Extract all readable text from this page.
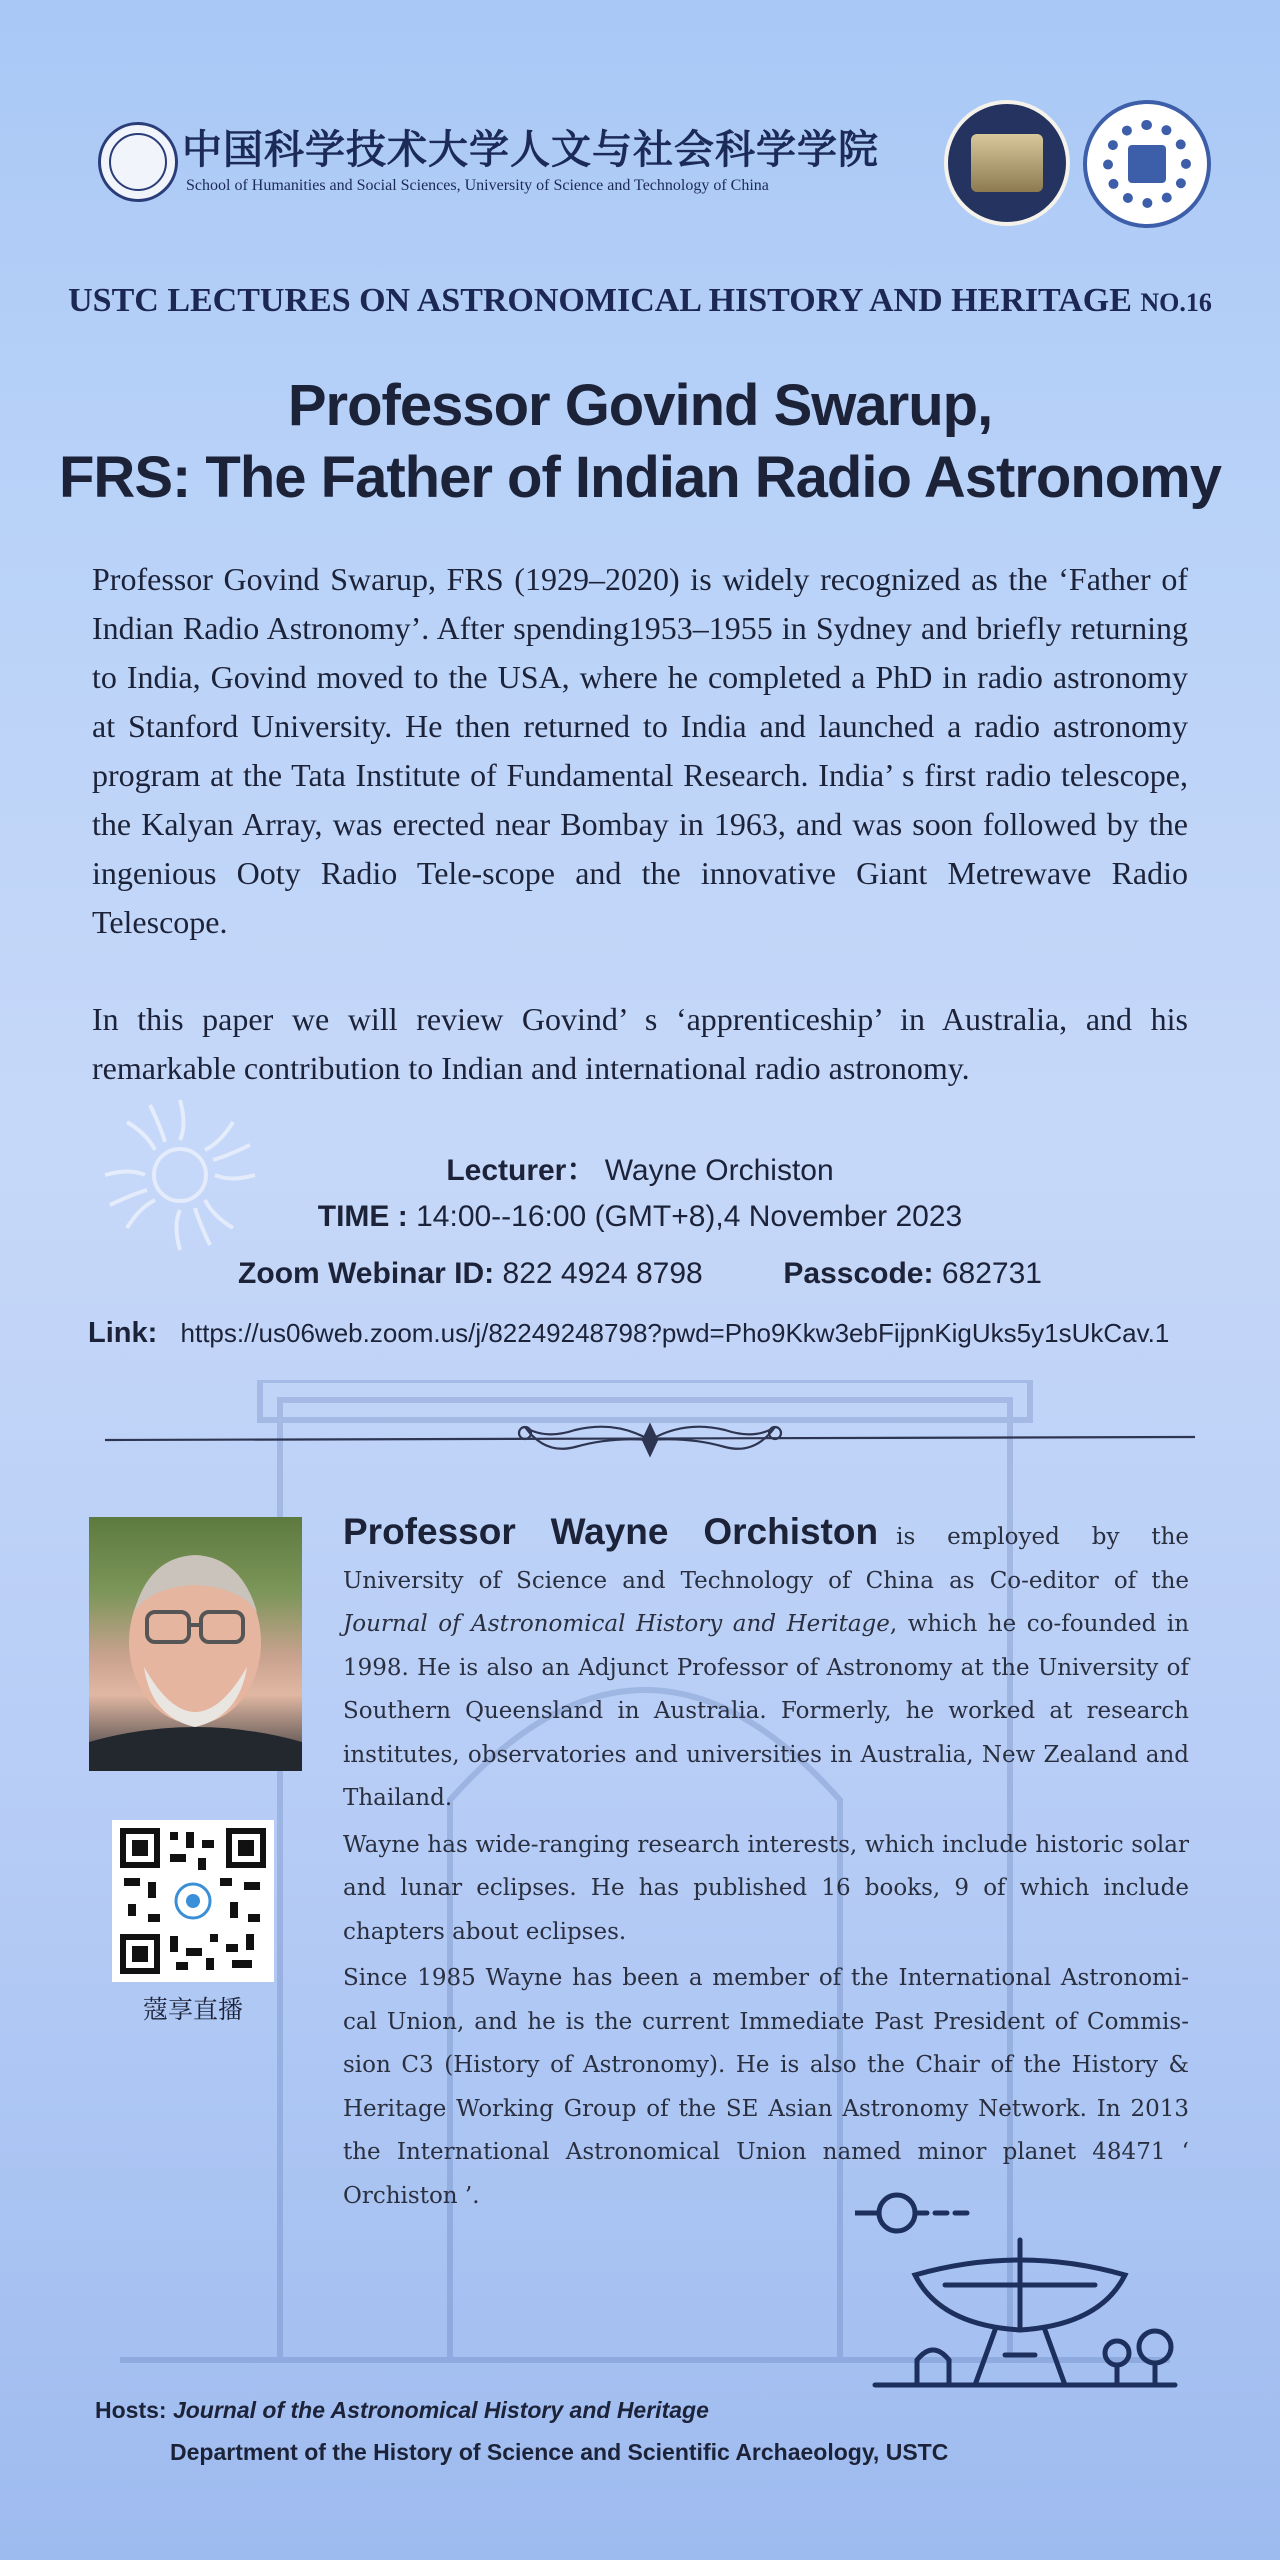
中国科学技术大学人文与社会科学学院
School of Humanities and Social Sciences, University of Science and Technology of China
USTC LECTURES ON ASTRONOMICAL HISTORY AND HERITAGE NO.16
Professor Govind Swarup,
FRS: The Father of Indian Radio Astronomy

Professor Govind Swarup, FRS (1929–2020) is widely recognized as the ‘Father of Indian Radio Astronomy’. After spending1953–1955 in Sydney and briefly returning to India, Govind moved to the USA, where he completed a PhD in radio astronomy at Stanford University. He then returned to India and launched a radio astronomy program at the Tata Institute of Fundamental Research. India’ s first radio telescope, the Kalyan Array, was erected near Bombay in 1963, and was soon followed by the ingenious Ooty Radio Tele-scope and the innovative Giant Metrewave Radio Telescope.

In this paper we will review Govind’ s ‘apprenticeship’ in Australia, and his remarkable contribution to Indian and international radio astronomy.

Lecturer： Wayne Orchiston
TIME : 14:00--16:00 (GMT+8),4 November 2023
Zoom Webinar ID: 822 4924 8798	Passcode: 682731
Link: https://us06web.zoom.us/j/82249248798?pwd=Pho9Kkw3ebFijpnKigUks5y1sUkCav.1
蔻享直播

Professor Wayne Orchiston is employed by the University of Science and Technology of China as Co-editor of the Journal of Astronomical History and Heritage, which he co-founded in 1998. He is also an Adjunct Professor of Astronomy at the University of Southern Queensland in Australia. Formerly, he worked at research institutes, observatories and universities in Australia, New Zealand and Thailand.

Wayne has wide-ranging research interests, which include historic solar and lunar eclipses. He has published 16 books, 9 of which include chapters about eclipses.

Since 1985 Wayne has been a member of the International Astronomi-cal Union, and he is the current Immediate Past President of Commis-sion C3 (History of Astronomy). He is also the Chair of the History & Heritage Working Group of the SE Asian Astronomy Network. In 2013 the International Astronomical Union named minor planet 48471 ‘ Orchiston ’.

Hosts: Journal of the Astronomical History and Heritage
Department of the History of Science and Scientific Archaeology, USTC
